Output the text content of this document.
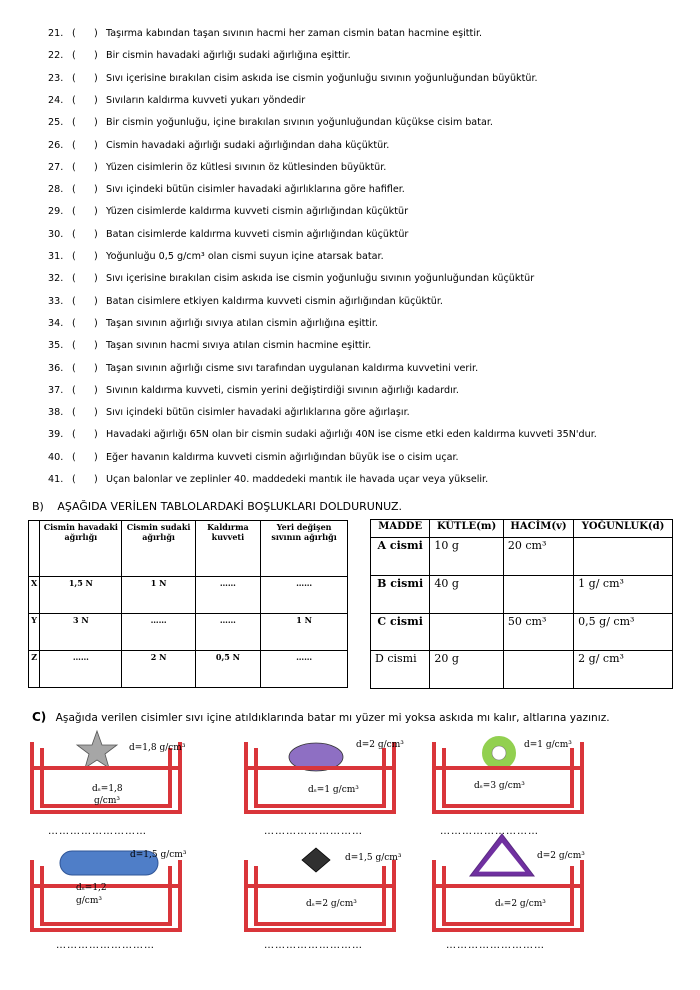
21. (      ) Taşırma kabından taşan sıvının hacmi her zaman cismin batan hacmine eşittir.
22. (      ) Bir cismin havadaki ağırlığı sudaki ağırlığına eşittir.
23. (      ) Sıvı içerisine bırakılan cisim askıda ise cismin yoğunluğu sıvının yoğunluğundan büyüktür.
24. (      ) Sıvıların kaldırma kuvveti yukarı yöndedir
25. (      ) Bir cismin yoğunluğu, içine bırakılan sıvının yoğunluğundan küçükse cisim batar.
26. (      ) Cismin havadaki ağırlığı sudaki ağırlığından daha küçüktür.
27. (      ) Yüzen cisimlerin öz kütlesi sıvının öz kütlesinden büyüktür.
28. (      ) Sıvı içindeki bütün cisimler havadaki ağırlıklarına göre hafifler.
29. (      ) Yüzen cisimlerde kaldırma kuvveti cismin ağırlığından küçüktür
30. (      ) Batan cisimlerde kaldırma kuvveti cismin ağırlığından küçüktür
31. (      ) Yoğunluğu 0,5 g/cm³ olan cismi suyun içine atarsak batar.
32. (      ) Sıvı içerisine bırakılan cisim askıda ise cismin yoğunluğu sıvının yoğunluğundan küçüktür
33. (      ) Batan cisimlere etkiyen kaldırma kuvveti cismin ağırlığından küçüktür.
34. (      ) Taşan sıvının ağırlığı sıvıya atılan cismin ağırlığına eşittir.
35. (      ) Taşan sıvının hacmi sıvıya atılan cismin hacmine eşittir.
36. (      ) Taşan sıvının ağırlığı cisme sıvı tarafından uygulanan kaldırma kuvvetini verir.
37. (      ) Sıvının kaldırma kuvveti, cismin yerini değiştirdiği sıvının ağırlığı kadardır.
38. (      ) Sıvı içindeki bütün cisimler havadaki ağırlıklarına göre ağırlaşır.
39. (      ) Havadaki ağırlığı 65N olan bir cismin sudaki ağırlığı 40N ise cisme etki eden kaldırma kuvveti 35N'dur.
40. (      ) Eğer havanın kaldırma kuvveti cismin ağırlığından büyük ise o cisim uçar.
41. (      ) Uçan balonlar ve zeplinler 40. maddedeki mantık ile havada uçar veya yükselir.
B) AŞAĞIDA VERİLEN TABLOLARDAKİ BOŞLUKLARI DOLDURUNUZ.
	Cismin havadaki ağırlığı	Cismin sudaki ağırlığı	Kaldırma kuvveti	Yeri değişen sıvının ağırlığı
X	1,5 N	1 N	……	……
Y	3 N	……	……	1 N
Z	……	2 N	0,5 N	……
MADDE	KÜTLE(m)	HACİM(v)	YOĞUNLUK(d)
A cismi	10 g	20 cm³	
B cismi	40 g		1 g/ cm³
C cismi		50 cm³	0,5 g/ cm³
D cismi	20 g		2 g/ cm³
C) Aşağıda verilen cisimler sıvı içine atıldıklarında batar mı yüzer mi yoksa askıda mı kalır, altlarına yazınız.
d=1,8 g/cm³	d=2 g/cm³	d=1 g/cm³
d=1,5 g/cm³	d=1,5 g/cm³	d=2 g/cm³
dₛ=1,8
g/cm³
dₛ=1 g/cm³	dₛ=3 g/cm³
dₛ=1,2
g/cm³	dₛ=2 g/cm³	dₛ=2 g/cm³
………………………	………………………	………………………
………………………	………………………	………………………
